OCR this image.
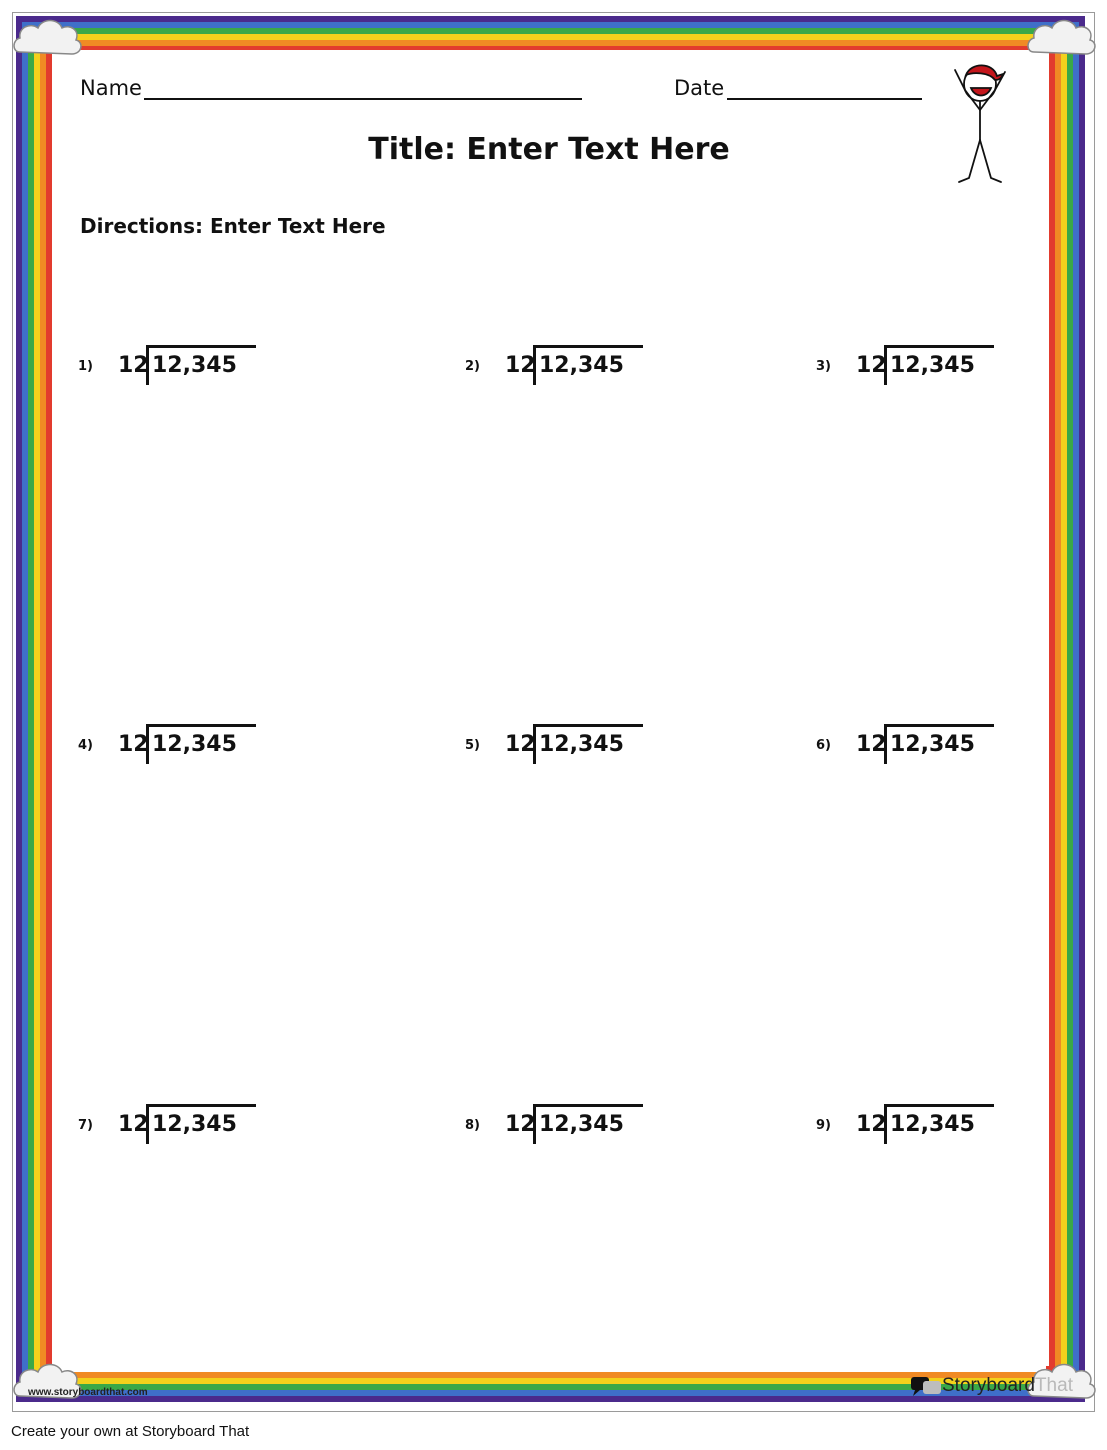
Name	Date
Title: Enter Text Here
Directions: Enter Text Here
1) 12 12,345	2) 12 12,345	3) 12 12,345
4) 12 12,345	5) 12 12,345	6) 12 12,345
7) 12 12,345	8) 12 12,345	9) 12 12,345
www.storyboardthat.com	Storyboard That
Create your own at Storyboard That
